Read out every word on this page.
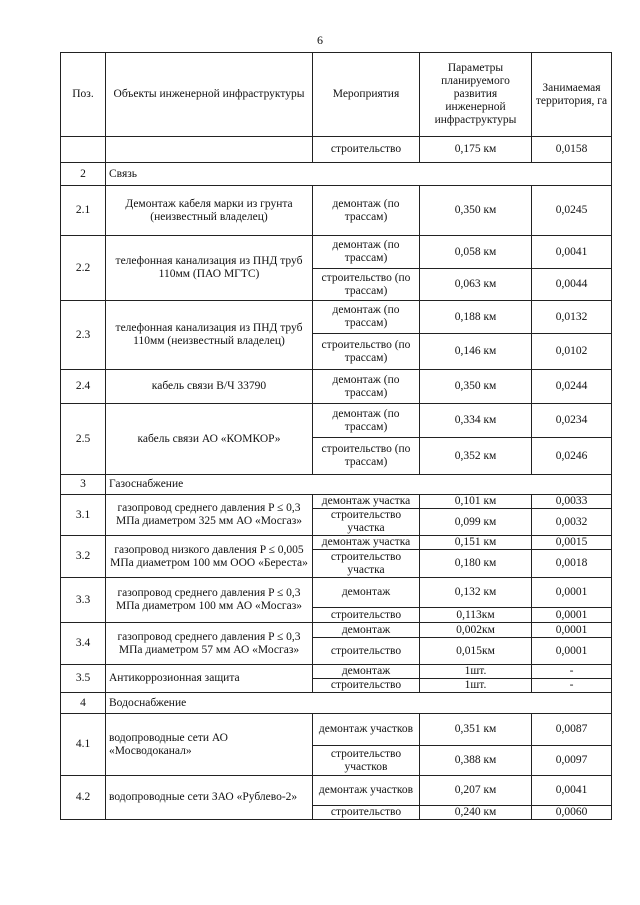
6
Поз.	Объекты инженерной инфраструктуры	Мероприятия	Параметры планируемого развития инженерной инфраструктуры	Занимаемая территория, га
		строительство	0,175 км	0,0158
2	Связь			
2.1	Демонтаж кабеля марки из грунта (неизвестный владелец)	демонтаж (по трассам)	0,350 км	0,0245
2.2	телефонная канализация из ПНД труб 110мм (ПАО МГТС)	демонтаж (по трассам)	0,058 км	0,0041
		строительство (по трассам)	0,063 км	0,0044
2.3	телефонная канализация из ПНД труб 110мм (неизвестный владелец)	демонтаж (по трассам)	0,188 км	0,0132
		строительство (по трассам)	0,146 км	0,0102
2.4	кабель связи В/Ч 33790	демонтаж (по трассам)	0,350 км	0,0244
2.5	кабель связи АО «КОМКОР»	демонтаж (по трассам)	0,334 км	0,0234
		строительство (по трассам)	0,352 км	0,0246
3	Газоснабжение			
3.1	газопровод среднего давления P ≤ 0,3 МПа диаметром 325 мм АО «Мосгаз»	демонтаж участка	0,101 км	0,0033
		строительство участка	0,099 км	0,0032
3.2	газопровод низкого давления P ≤ 0,005 МПа диаметром 100 мм ООО «Береста»	демонтаж участка	0,151 км	0,0015
		строительство участка	0,180 км	0,0018
3.3	газопровод среднего давления P ≤ 0,3 МПа диаметром 100 мм АО «Мосгаз»	демонтаж	0,132 км	0,0001
		строительство	0,113км	0,0001
3.4	газопровод среднего давления P ≤ 0,3 МПа диаметром 57 мм АО «Мосгаз»	демонтаж	0,002км	0,0001
		строительство	0,015км	0,0001
3.5	Антикоррозионная защита	демонтаж	1шт.	-
		строительство	1шт.	-
4	Водоснабжение			
4.1	водопроводные сети АО «Мосводоканал»	демонтаж участков	0,351 км	0,0087
		строительство участков	0,388 км	0,0097
4.2	водопроводные сети ЗАО «Рублево-2»	демонтаж участков	0,207 км	0,0041
		строительство	0,240 км	0,0060
